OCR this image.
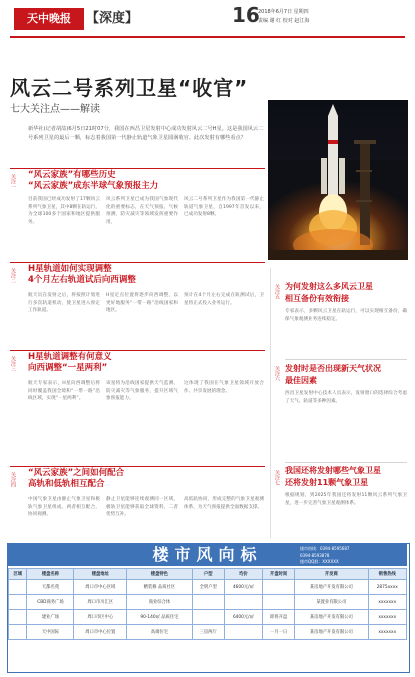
天中晚报	【深度】	16
2018年6月7日 星期四
责编 谢 红 校对 赵江海
风云二号系列卫星“收官”
七大关注点——解读
新华社(记者胡喆)6月5日21时07分，我国在西昌卫星发射中心成功发射风云二号H星。这是我国风云二号系列卫星的最后一颗，标志着我国第一代静止轨道气象卫星圆满收官。此次发射有哪些看点？
关注一 “风云家族”有哪些历史
“风云家族”成东半球气象预报主力
目前我国已经成功发射了17颗风云系列气象卫星，其中8颗在轨运行，为全球100多个国家和地区提供服务。
风云系列卫星已成为我国气象现代化的重要标志，在天气预报、气候预测、防灾减灾等领域发挥重要作用。
风云二号系列卫星作为我国第一代静止轨道气象卫星，自1997年首发以来，已成功发射8颗。
关注二 H星轨道如何实现调整
4个月左右轨道试后向西调整
航天员在发射之后，将按照计划进行多次轨道机动，使卫星进入预定工作轨道。
H星定点位置将逐步向西调整，以更好地服务“一带一路”沿线国家和地区。
预计在4个月左右完成在轨测试后，卫星将正式投入业务运行。
关注三 H星轨道调整有何意义
向西调整“一星两利”
航天专家表示，H星向西调整后将同时覆盖我国全境和“一带一路”沿线区域，实现“一星两利”。
该星将为沿线国家提供天气监测、防灾减灾等气象服务，提升区域气象预报能力。
这体现了我国在气象卫星领域开放合作、共享发展的理念。
关注四 “风云家族”之间如何配合
高轨和低轨相互配合
中国气象卫星由静止气象卫星和极轨气象卫星组成，两者相互配合，协同观测。
静止卫星能够连续观测同一区域，极轨卫星能够获取全球资料，二者优势互补。
高低轨协同，形成完整的气象卫星观测体系，为天气预报提供全面数据支撑。
关注五 为何发射这么多风云卫星
相互备份有效衔接
专家表示，多颗风云卫星在轨运行，可以实现相互备份，确保气象观测业务连续稳定。
关注六 发射时是否出现新天气状况
最佳因素
西昌卫星发射中心技术人员表示，发射窗口的选择综合考虑了天气、轨道等多种因素。
关注七 我国还将发射哪些气象卫星
还将发射11颗气象卫星
根据规划，到2025年我国还将发射11颗风云系列气象卫星，进一步完善气象卫星观测体系。
楼市风向标	楼市热线：0394-8595687
0394-8593878
楼市QQ群：XXXXXX
区域	楼盘名称	楼盘地址	楼盘特色	户型	均价	开盘时间	开发商	销售热线
	天都名苑	周口市中心区域	精装修 品质社区	全明户型	4600元/㎡		某房地产开发有限公司	2875xxxx
	CBD商务广场	周口市川汇区	商业综合体				某置业有限公司	xxxxxxx
	建业广场	周口市区中心	90-140㎡ 品质住宅		6400元/㎡	即将开盘	某房地产开发有限公司	xxxxxxx
	天中国际	周口市中心位置	高端住宅	三房两厅		一月一日	某房地产开发有限公司	xxxxxxx
